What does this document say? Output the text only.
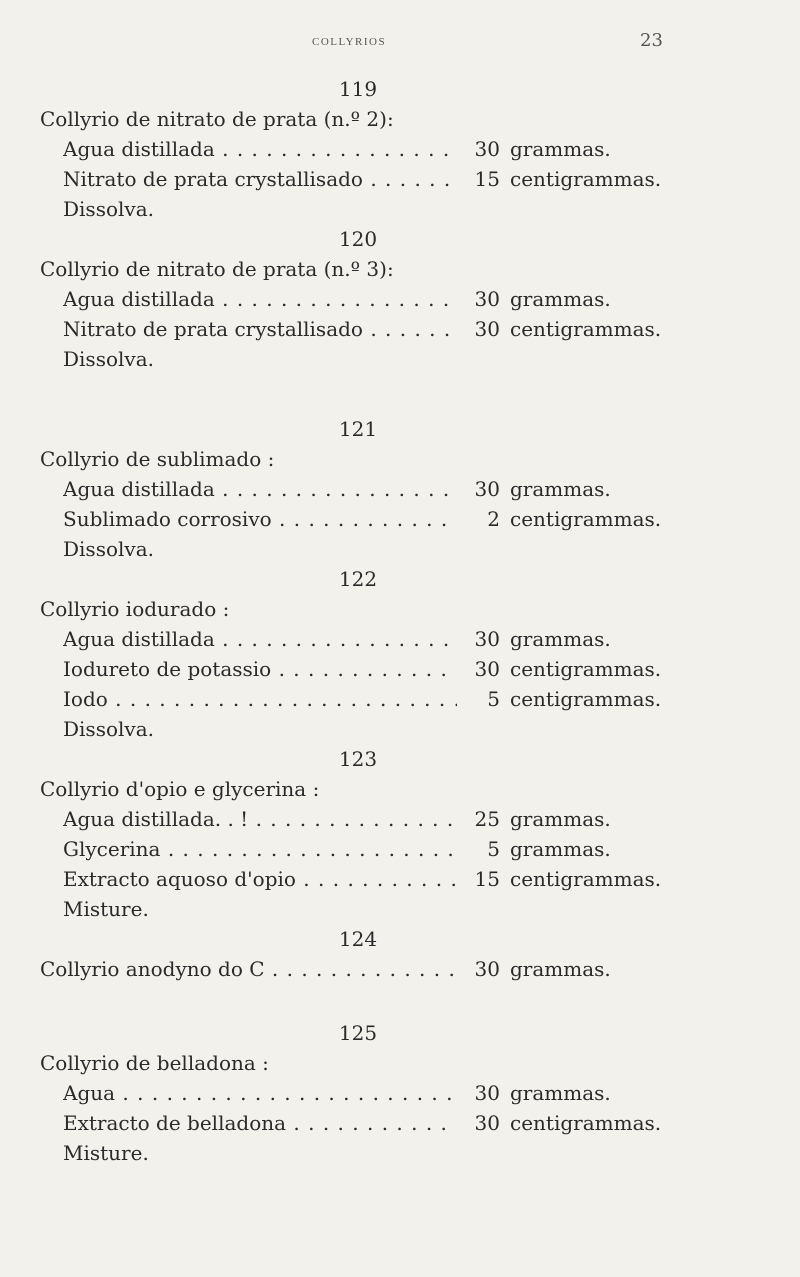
COLLYRIOS	23
119
Collyrio de nitrato de prata (n.º 2):
Agua distillada . . .	30 grammas.
Nitrato de prata crystallisado . . .	15 centigrammas.
Dissolva.
120
Collyrio de nitrato de prata (n.º 3):
Agua distillada . . .	30 grammas.
Nitrato de prata crystallisado . . .	30 centigrammas.
Dissolva.
121
Collyrio de sublimado :
Agua distillada . . .	30 grammas.
Sublimado corrosivo . . .	2 centigrammas.
Dissolva.
122
Collyrio iodurado :
Agua distillada . . .	30 grammas.
Iodureto de potassio . . .	30 centigrammas.
Iodo . . .	5 centigrammas.
Dissolva.
123
Collyrio d'opio e glycerina :
Agua distillada. . ! . . .	25 grammas.
Glycerina . . .	5 grammas.
Extracto aquoso d'opio . . .	15 centigrammas.
Misture.
124
Collyrio anodyno do C . . .	30 grammas.
125
Collyrio de belladona :
Agua . . .	30 grammas.
Extracto de belladona . . .	30 centigrammas.
Misture.
